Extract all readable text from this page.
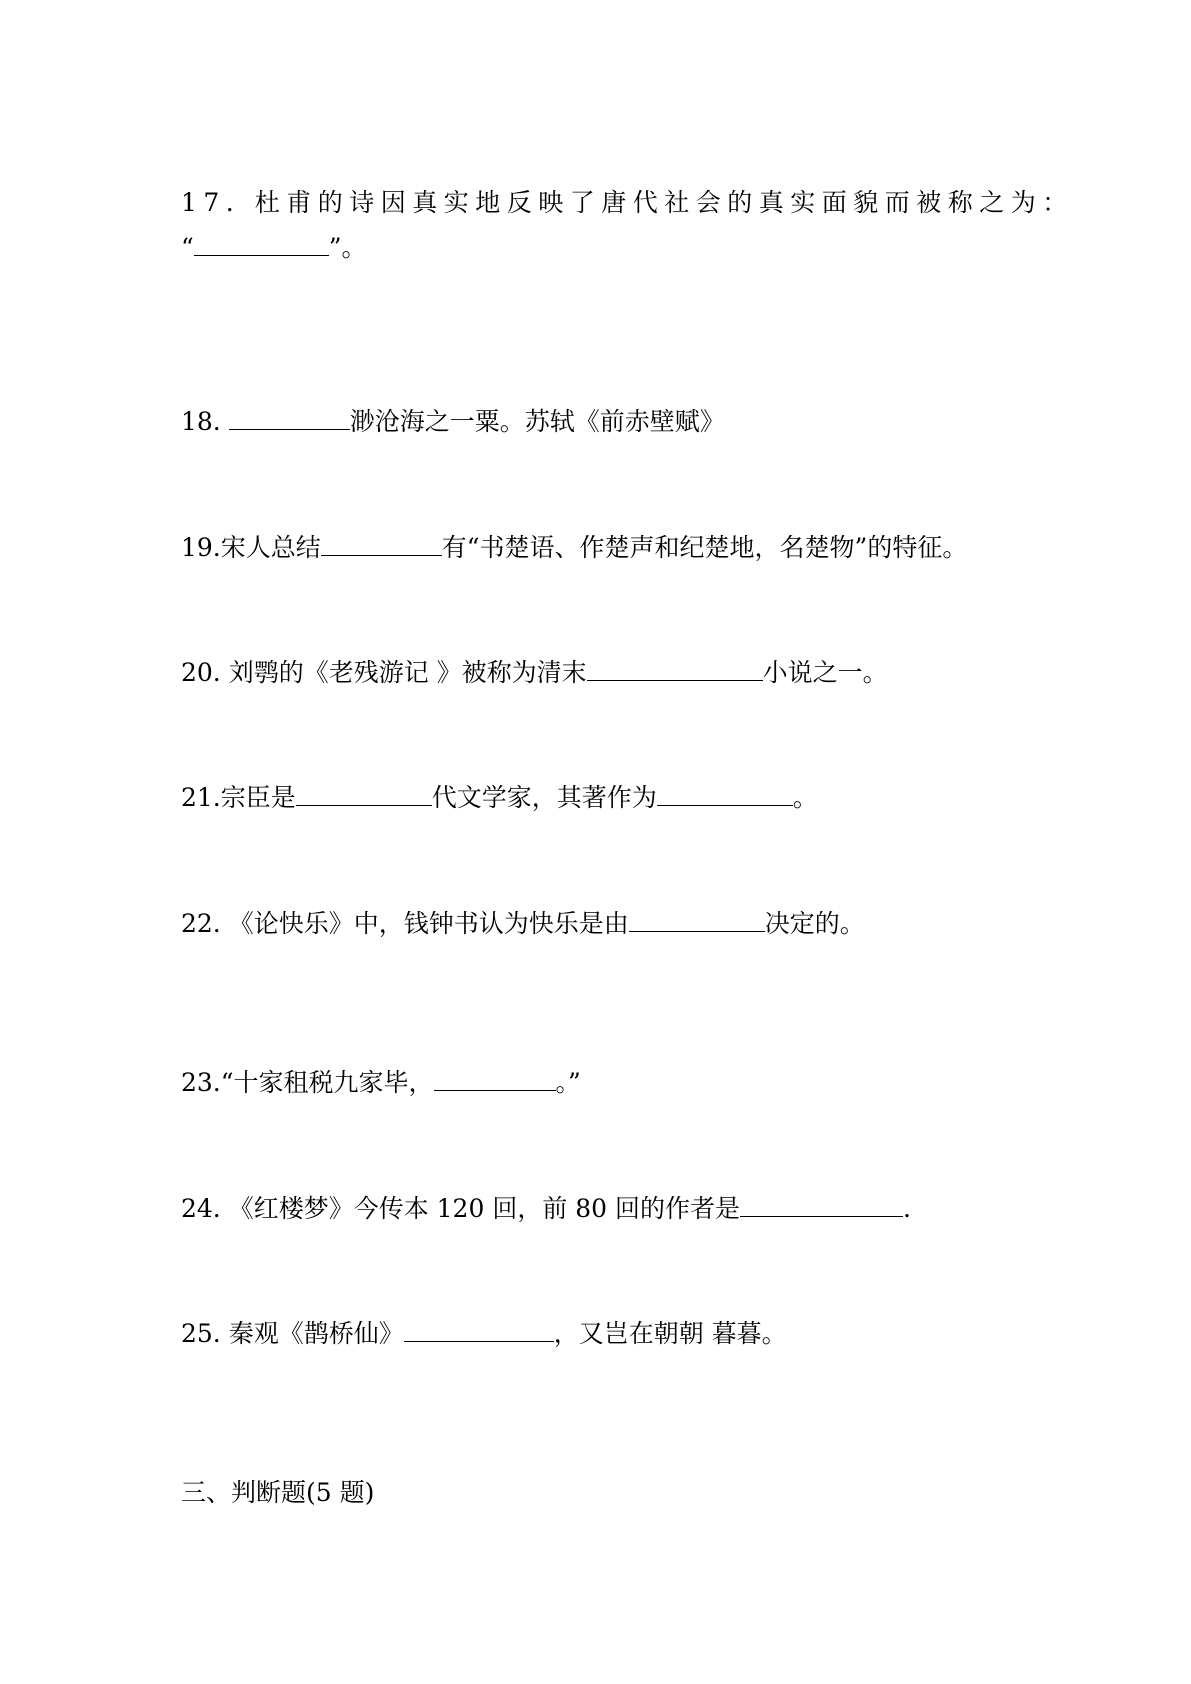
17. 杜甫的诗因真实地反映了唐代社会的真实面貌而被称之为：
“	”。
18.	渺沧海之一粟。苏轼《前赤壁赋》
19.宋人总结	有“书楚语、作楚声和纪楚地，名楚物”的特征。
20. 刘鹗的《老残游记 》被称为清末	小说之一。
21.宗臣是	代文学家，其著作为	。
22. 《论快乐》中，钱钟书认为快乐是由	决定的。
23.“十家租税九家毕，	。”
24. 《红楼梦》今传本 120 回，前 80 回的作者是	.
25. 秦观《鹊桥仙》	，又岂在朝朝 暮暮。
三、判断题(5 题)
